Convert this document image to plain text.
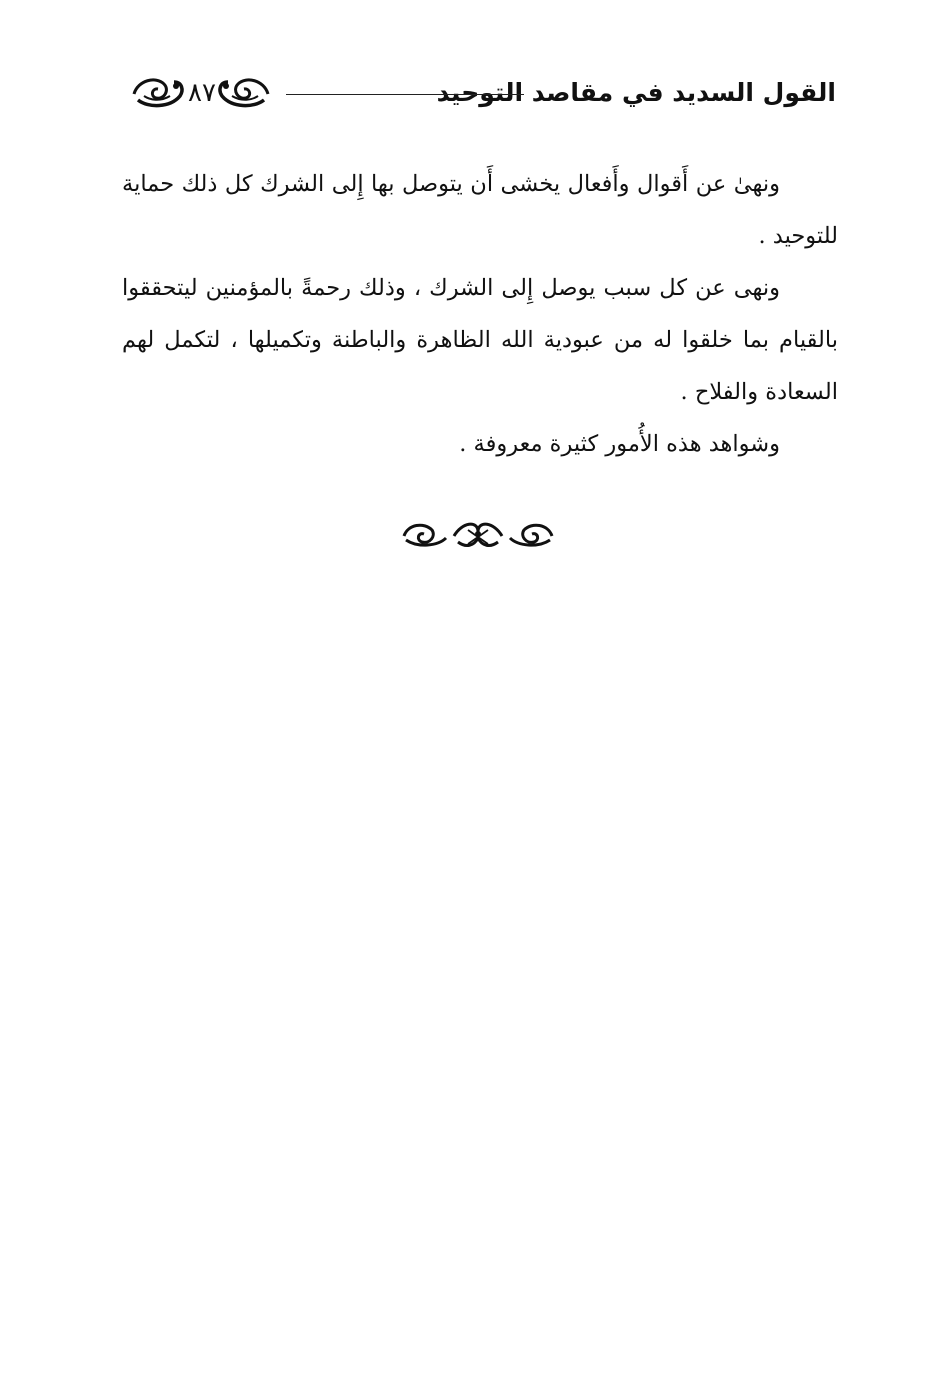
القول السديد في مقاصد التوحيد
٨٧

ونهىٰ عن أَقوال وأَفعال يخشى أَن يتوصل بها إِلى الشرك كل ذلك حماية للتوحيد .

ونهى عن كل سبب يوصل إِلى الشرك ، وذلك رحمةً بالمؤمنين ليتحققوا بالقيام بما خلقوا له من عبودية الله الظاهرة والباطنة وتكميلها ، لتكمل لهم السعادة والفلاح .

وشواهد هذه الأُمور كثيرة معروفة .
